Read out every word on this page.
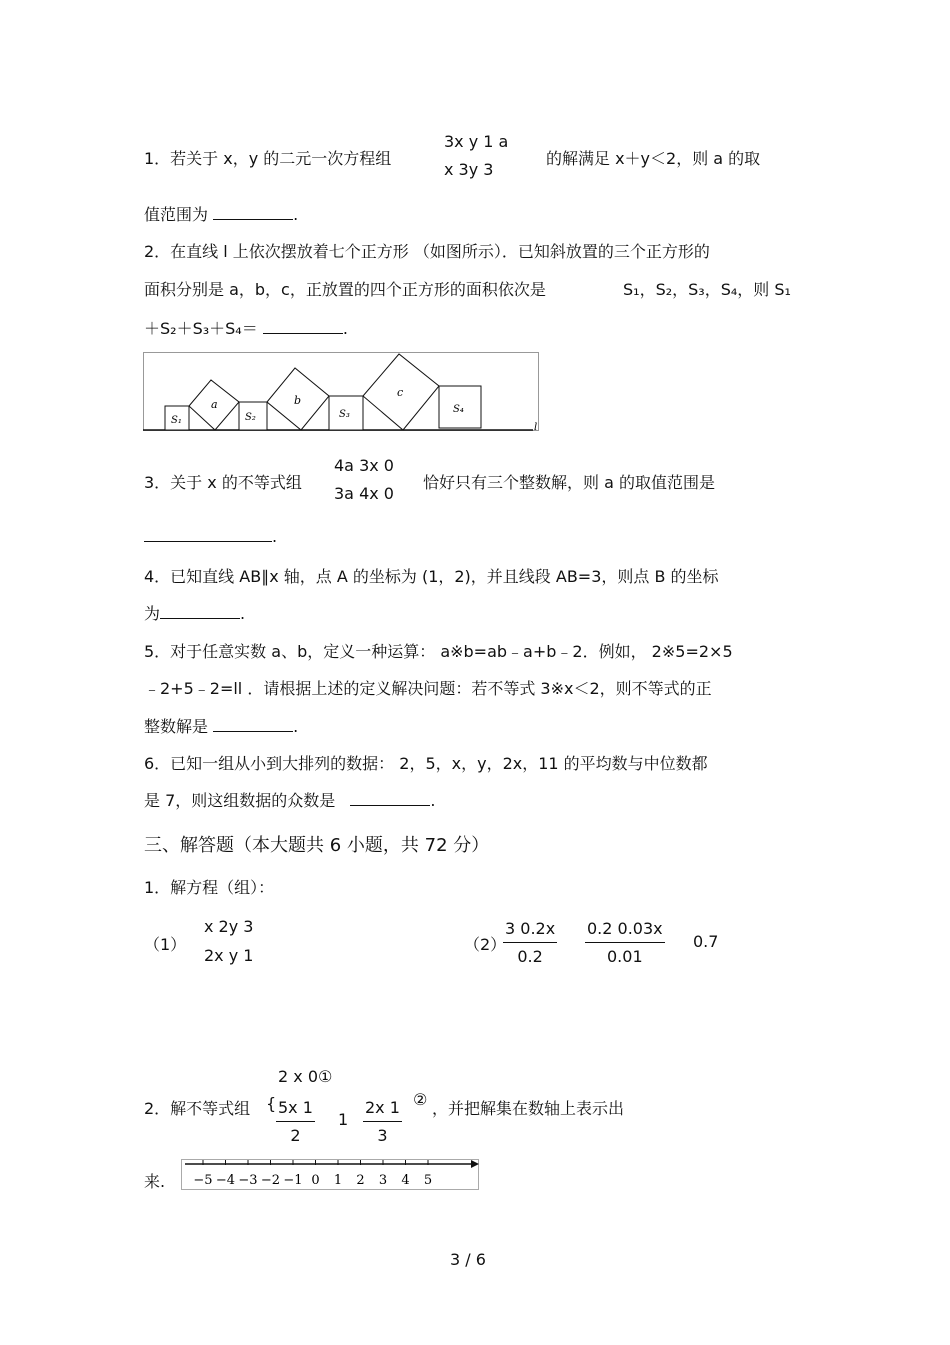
1．若关于 x，y 的二元一次方程组
3x y 1 a
x 3y 3
的解满足 x＋y＜2，则 a 的取
值范围为	.
2．在直线 l 上依次摆放着七个正方形 （如图所示）．已知斜放置的三个正方形的
面积分别是 a，b，c，正放置的四个正方形的面积依次是	S₁，S₂，S₃，S₄，则 S₁
＋S₂＋S₃＋S₄＝	.
S₁	S₂	S₃	S₄
a	b
c
l
3．关于 x 的不等式组
4a 3x 0
3a 4x 0
恰好只有三个整数解，则 a 的取值范围是
.
4．已知直线 AB∥x 轴，点 A 的坐标为 (1，2)，并且线段 AB=3，则点 B 的坐标
为	.
5．对于任意实数 a、b，定义一种运算： a※b=ab﹣a+b﹣2．例如， 2※5=2×5
﹣2+5﹣2=ll ．请根据上述的定义解决问题：若不等式 3※x＜2，则不等式的正
整数解是	.
6．已知一组从小到大排列的数据： 2，5，x，y，2x，11 的平均数与中位数都
是 7，则这组数据的众数是	.
三、解答题（本大题共 6 小题，共 72 分）
1．解方程（组）：
（1）
x 2y 3
2x y 1
（2）
3 0.2x
0.2
0.2 0.03x
0.01
0.7
2 x 0①
2．解不等式组 { 5x 1
2
1
2x 1
3
② ，并把解集在数轴上表示出
来. −5 −4 −3 −2 −1 0 1 2 3 4 5
3 / 6
